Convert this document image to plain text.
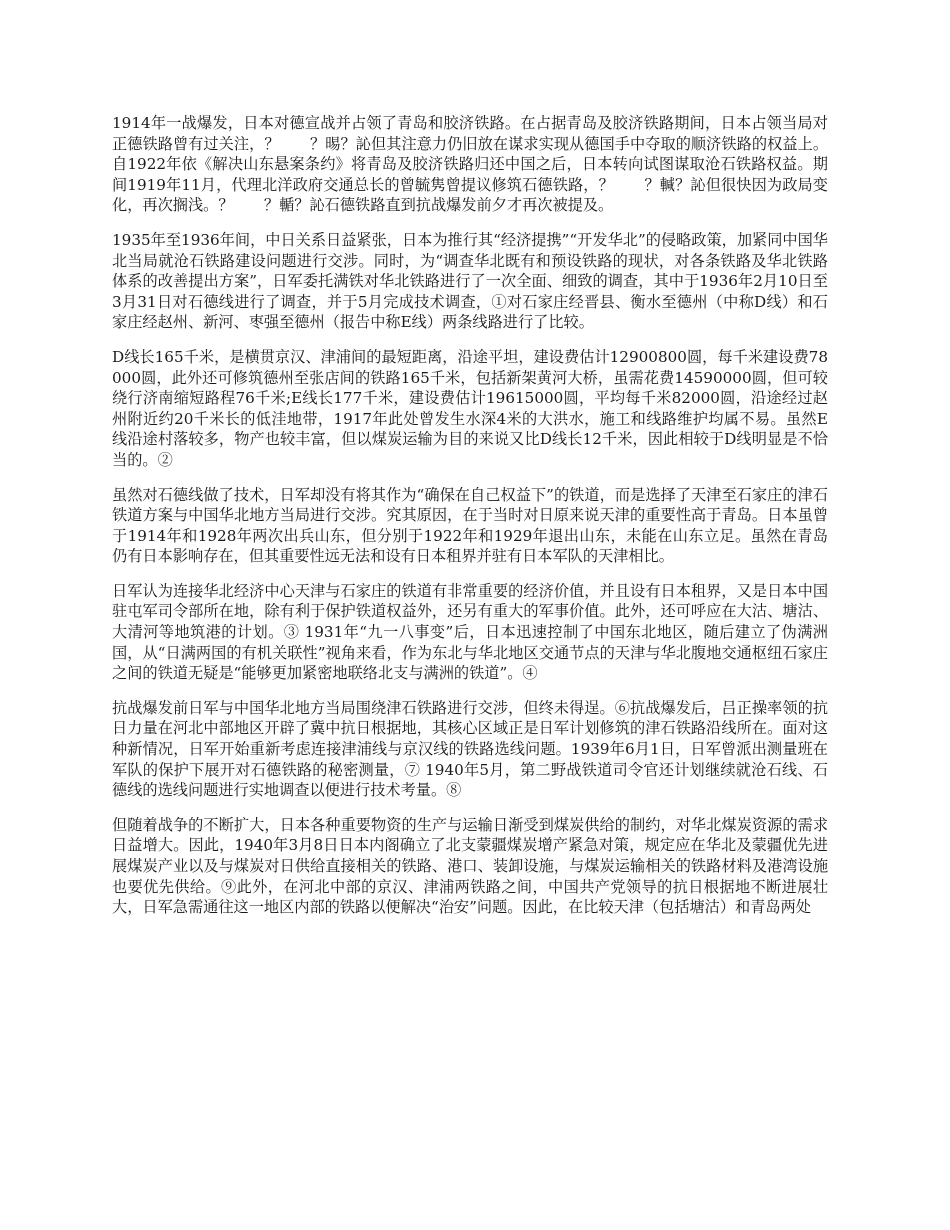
1914年一战爆发，日本对德宣战并占领了青岛和胶济铁路。在占据青岛及胶济铁路期间，日本占领当局对正德铁路曾有过关注，？　　？晹？訫但其注意力仍旧放在谋求实现从德国手中夺取的顺济铁路的权益上。自1922年依《解决山东悬案条约》将青岛及胶济铁路归还中国之后，日本转向试图谋取沧石铁路权益。期间1919年11月，代理北洋政府交通总长的曾毓隽曾提议修筑石德铁路，？　　？輱？訫但很快因为政局变化，再次搁浅。？　　？輴？訫石德铁路直到抗战爆发前夕才再次被提及。

1935年至1936年间，中日关系日益紧张，日本为推行其“经济提携”“开发华北”的侵略政策，加紧同中国华北当局就沧石铁路建设问题进行交涉。同时，为“调查华北既有和预设铁路的现状，对各条铁路及华北铁路体系的改善提出方案”，日军委托满铁对华北铁路进行了一次全面、细致的调查，其中于1936年2月10日至3月31日对石德线进行了调查，并于5月完成技术调查，①对石家庄经晋县、衡水至德州（中称D线）和石家庄经赵州、新河、枣强至德州（报告中称E线）两条线路进行了比较。

D线长165千米，是横贯京汉、津浦间的最短距离，沿途平坦，建设费估计12900800圆，每千米建设费78000圆，此外还可修筑德州至张店间的铁路165千米，包括新架黄河大桥，虽需花费14590000圆，但可较绕行济南缩短路程76千米;E线长177千米，建设费估计19615000圆，平均每千米82000圆，沿途经过赵州附近约20千米长的低洼地带，1917年此处曾发生水深4米的大洪水，施工和线路维护均属不易。虽然E线沿途村落较多，物产也较丰富，但以煤炭运输为目的来说又比D线长12千米，因此相较于D线明显是不恰当的。②

虽然对石德线做了技术，日军却没有将其作为“确保在自己权益下”的铁道，而是选择了天津至石家庄的津石铁道方案与中国华北地方当局进行交涉。究其原因，在于当时对日原来说天津的重要性高于青岛。日本虽曾于1914年和1928年两次出兵山东，但分别于1922年和1929年退出山东，未能在山东立足。虽然在青岛仍有日本影响存在，但其重要性远无法和设有日本租界并驻有日本军队的天津相比。

日军认为连接华北经济中心天津与石家庄的铁道有非常重要的经济价值，并且设有日本租界，又是日本中国驻屯军司令部所在地，除有利于保护铁道权益外，还另有重大的军事价值。此外，还可呼应在大沽、塘沽、大清河等地筑港的计划。③ 1931年“九一八事变”后，日本迅速控制了中国东北地区，随后建立了伪满洲国，从“日满两国的有机关联性”视角来看，作为东北与华北地区交通节点的天津与华北腹地交通枢纽石家庄之间的铁道无疑是“能够更加紧密地联络北支与满洲的铁道”。④

抗战爆发前日军与中国华北地方当局围绕津石铁路进行交涉，但终未得逞。⑥抗战爆发后，吕正操率领的抗日力量在河北中部地区开辟了冀中抗日根据地，其核心区域正是日军计划修筑的津石铁路沿线所在。面对这种新情况，日军开始重新考虑连接津浦线与京汉线的铁路选线问题。1939年6月1日，日军曾派出测量班在军队的保护下展开对石德铁路的秘密测量，⑦ 1940年5月，第二野战铁道司令官还计划继续就沧石线、石德线的选线问题进行实地调查以便进行技术考量。⑧

但随着战争的不断扩大，日本各种重要物资的生产与运输日渐受到煤炭供给的制约，对华北煤炭资源的需求日益增大。因此，1940年3月8日日本内阁确立了北支蒙疆煤炭增产紧急对策，规定应在华北及蒙疆优先进展煤炭产业以及与煤炭对日供给直接相关的铁路、港口、装卸设施，与煤炭运输相关的铁路材料及港湾设施也要优先供给。⑨此外，在河北中部的京汉、津浦两铁路之间，中国共产党领导的抗日根据地不断进展壮大，日军急需通往这一地区内部的铁路以便解决“治安”问题。因此，在比较天津（包括塘沽）和青岛两处
